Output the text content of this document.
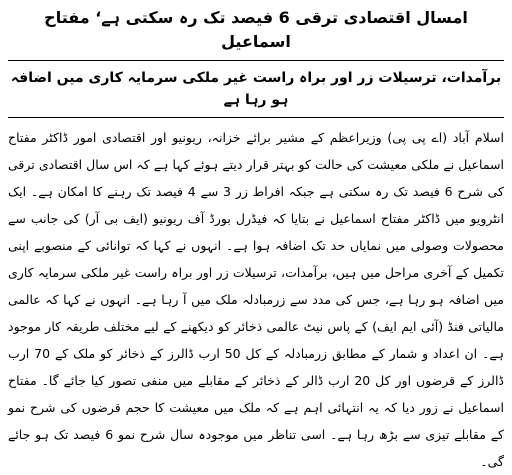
امسال اقتصادی ترقی 6 فیصد تک رہ سکتی ہے‘ مفتاح اسماعیل
برآمدات، ترسیلات زر اور براہ راست غیر ملکی سرمایہ کاری میں اضافہ ہو رہا ہے

اسلام آباد (اے پی پی) وزیراعظم کے مشیر برائے خزانہ، ریونیو اور اقتصادی امور ڈاکٹر مفتاح اسماعیل نے ملکی معیشت کی حالت کو بہتر قرار دیتے ہوئے کہا ہے کہ اس سال اقتصادی ترقی کی شرح 6 فیصد تک رہ سکتی ہے جبکہ افراط زر 3 سے 4 فیصد تک رہنے کا امکان ہے۔ ایک انٹرویو میں ڈاکٹر مفتاح اسماعیل نے بتایا کہ فیڈرل بورڈ آف ریونیو (ایف بی آر) کی جانب سے محصولات وصولی میں نمایاں حد تک اضافہ ہوا ہے۔ انہوں نے کہا کہ توانائی کے منصوبے اپنی تکمیل کے آخری مراحل میں ہیں، برآمدات، ترسیلات زر اور براہ راست غیر ملکی سرمایہ کاری میں اضافہ ہو رہا ہے، جس کی مدد سے زرمبادلہ ملک میں آ رہا ہے۔ انہوں نے کہا کہ عالمی مالیاتی فنڈ (آئی ایم ایف) کے پاس نیٹ عالمی ذخائر کو دیکھنے کے لیے مختلف طریقہ کار موجود ہے۔ ان اعداد و شمار کے مطابق زرمبادلہ کے کل 50 ارب ڈالرز کے ذخائر کو ملک کے 70 ارب ڈالرز کے قرضوں اور کل 20 ارب ڈالر کے ذخائر کے مقابلے میں منفی تصور کیا جائے گا۔ مفتاح اسماعیل نے زور دیا کہ یہ انتہائی اہم ہے کہ ملک میں معیشت کا حجم قرضوں کی شرح نمو کے مقابلے تیزی سے بڑھ رہا ہے۔ اسی تناظر میں موجودہ سال شرح نمو 6 فیصد تک ہو جائے گی۔
